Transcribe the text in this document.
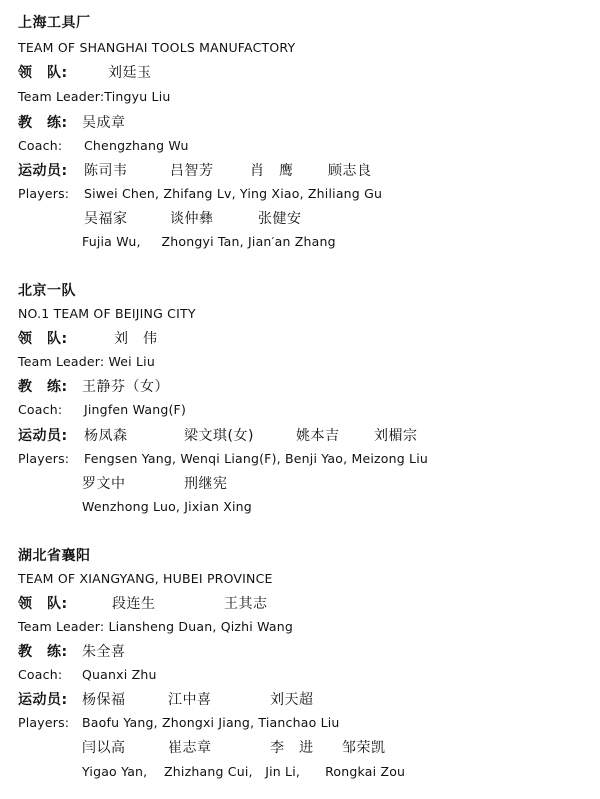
上海工具厂
TEAM OF SHANGHAI TOOLS MANUFACTORY
领　队:	刘廷玉
Team Leader:Tingyu Liu
教　练: 吴成章
Coach: Chengzhang Wu
运动员: 陈司韦	吕智芳	肖　鹰 顾志良
Players: Siwei Chen, Zhifang Lv, Ying Xiao, Zhiliang Gu
吴福家	谈仲彝	张健安
Fujia Wu,     Zhongyi Tan, Jian′an Zhang
北京一队
NO.1 TEAM OF BEIJING CITY
领　队:	刘　伟
Team Leader: Wei Liu
教　练: 王静芬（女）
Coach: Jingfen Wang(F)
运动员: 杨凤森	梁文琪(女)	姚本吉 刘楣宗
Players: Fengsen Yang, Wenqi Liang(F), Benji Yao, Meizong Liu
罗文中	刑继宪
Wenzhong Luo, Jixian Xing
湖北省襄阳
TEAM OF XIANGYANG, HUBEI PROVINCE
领　队:	段连生	王其志
Team Leader: Liansheng Duan, Qizhi Wang
教　练: 朱全喜
Coach: Quanxi Zhu
运动员: 杨保福	江中喜	刘天超
Players: Baofu Yang, Zhongxi Jiang, Tianchao Liu
闫以高	崔志章	李　进 邹荣凯
Yigao Yan,    Zhizhang Cui,   Jin Li,      Rongkai Zou
